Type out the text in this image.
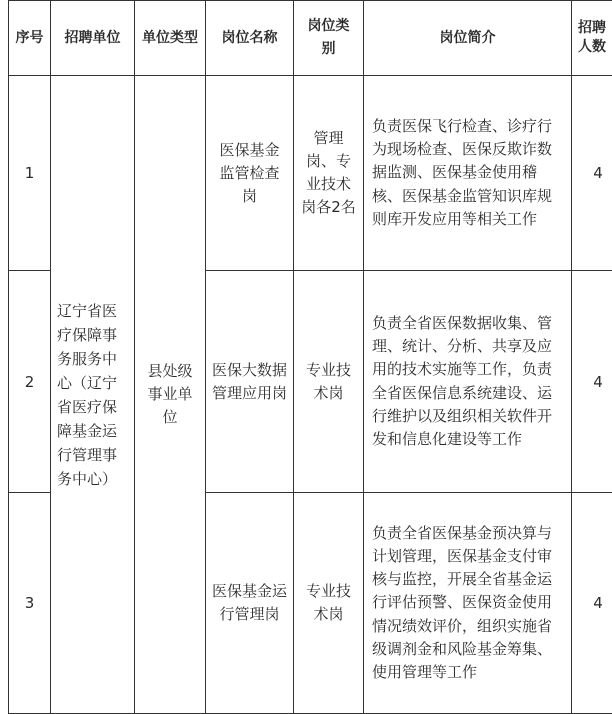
序号	招聘单位	单位类型	岗位名称	岗位类别	岗位简介	招聘人数
1	辽宁省医疗保障事务服务中心（辽宁省医疗保障基金运行管理事务中心）	县处级事业单位	医保基金监管检查岗	管理岗、专业技术岗各2名	负责医保飞行检查、诊疗行为现场检查、医保反欺诈数据监测、医保基金使用稽核、医保基金监管知识库规则库开发应用等相关工作	4
2			医保大数据管理应用岗	专业技术岗	负责全省医保数据收集、管理、统计、分析、共享及应用的技术实施等工作，负责全省医保信息系统建设、运行维护以及组织相关软件开发和信息化建设等工作	4
3			医保基金运行管理岗	专业技术岗	负责全省医保基金预决算与计划管理，医保基金支付审核与监控，开展全省基金运行评估预警、医保资金使用情况绩效评价，组织实施省级调剂金和风险基金筹集、使用管理等工作	4
